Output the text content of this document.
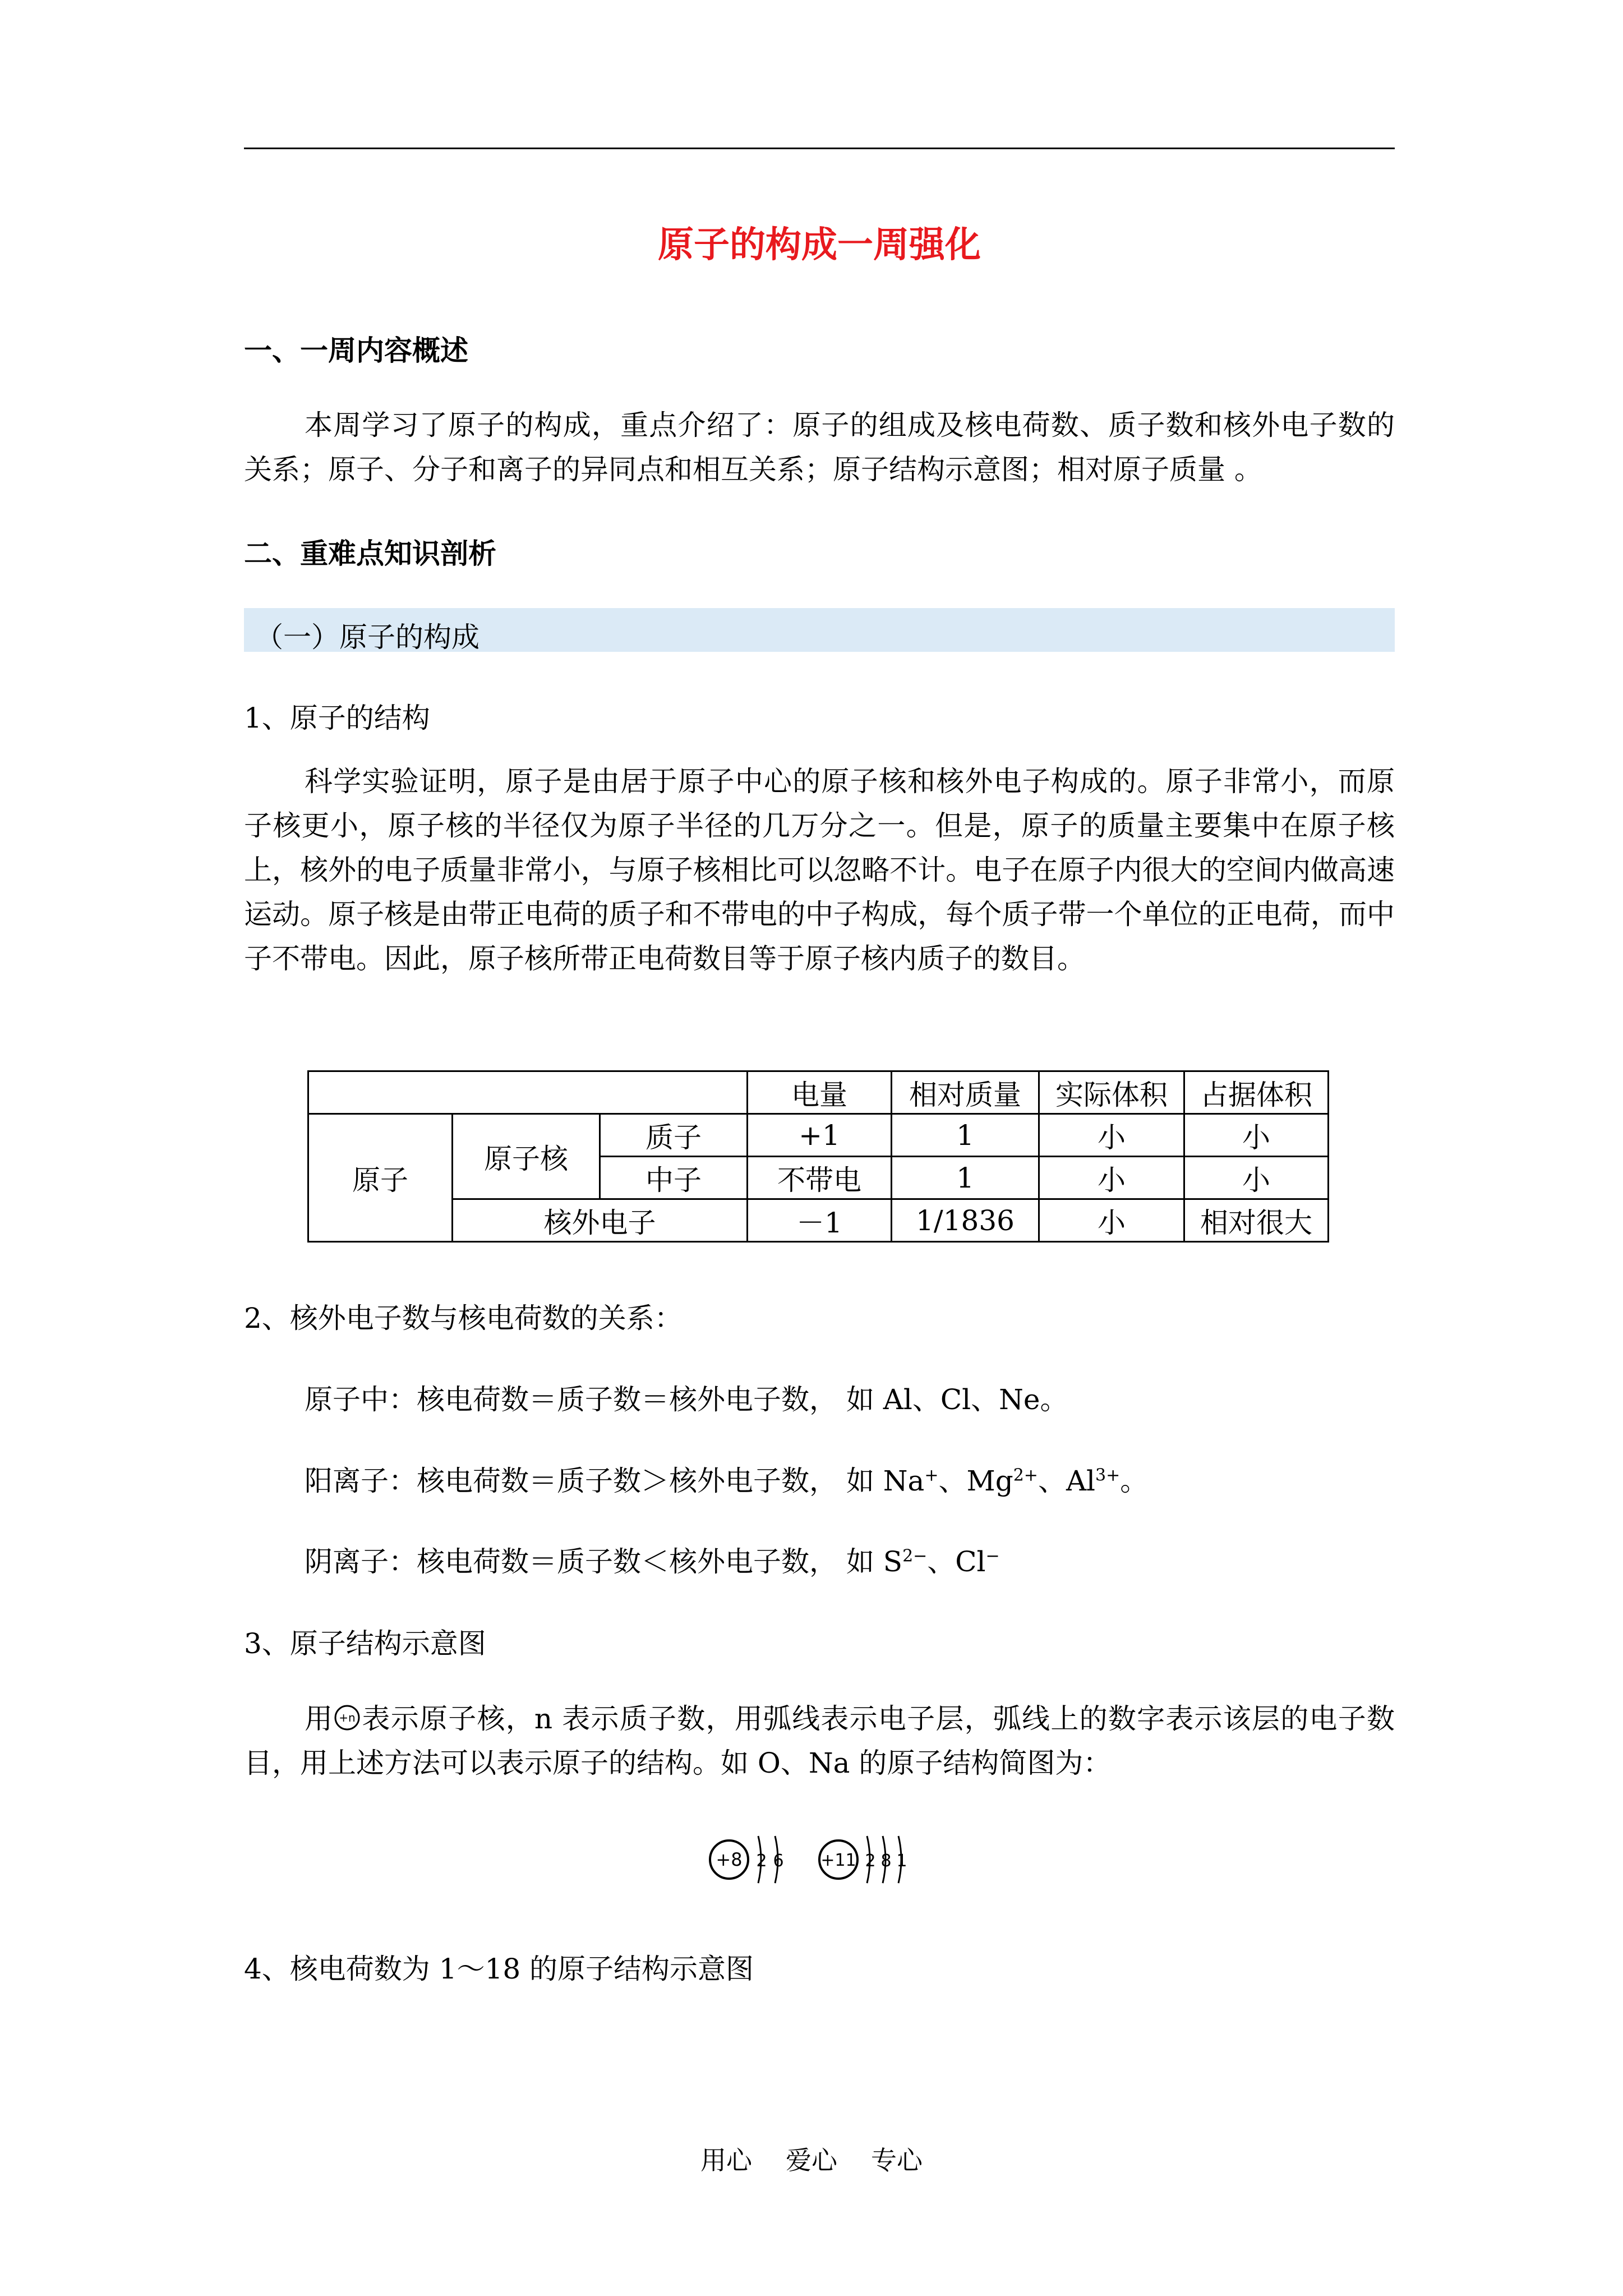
原子的构成一周强化
一、一周内容概述
本周学习了原子的构成，重点介绍了：原子的组成及核电荷数、质子数和核外电子数的关系；原子、分子和离子的异同点和相互关系；原子结构示意图；相对原子质量 。
二、重难点知识剖析
（一）原子的构成
1、原子的结构
科学实验证明，原子是由居于原子中心的原子核和核外电子构成的。原子非常小，而原子核更小，原子核的半径仅为原子半径的几万分之一。但是，原子的质量主要集中在原子核上，核外的电子质量非常小，与原子核相比可以忽略不计。电子在原子内很大的空间内做高速运动。原子核是由带正电荷的质子和不带电的中子构成，每个质子带一个单位的正电荷，而中子不带电。因此，原子核所带正电荷数目等于原子核内质子的数目。
			电量	相对质量	实际体积	占据体积
原子	原子核	质子	+1	1	小	小
		中子	不带电	1	小	小
	核外电子		－1	1/1836	小	相对很大
2、核外电子数与核电荷数的关系：
原子中：核电荷数＝质子数＝核外电子数， 如 Al、Cl、Ne。
阳离子：核电荷数＝质子数＞核外电子数， 如 Na+、$Mg^{2+}$、$Al^{3+}$。
阴离子：核电荷数＝质子数＜核外电子数， 如 $S^{2-}$、Cl−
3、原子结构示意图
用 +n 表示原子核，n 表示质子数，用弧线表示电子层，弧线上的数字表示该层的电子数目，用上述方法可以表示原子的结构。如 O、Na 的原子结构简图为：
+8 2 6 +11 2 8 1
4、核电荷数为 1～18 的原子结构示意图
用心 爱心 专心
